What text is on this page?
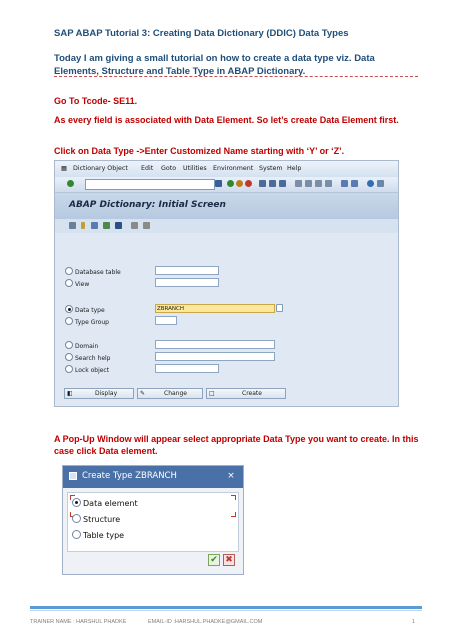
SAP ABAP Tutorial 3: Creating Data Dictionary (DDIC) Data Types
Today I am giving a small tutorial on how to create a data type viz. Data Elements, Structure and Table Type in ABAP Dictionary.
Go To Tcode- SE11.
As every field is associated with Data Element. So let’s create Data Element first.
Click on Data Type ->Enter Customized Name starting with ‘Y’ or ‘Z’.
▦ Dictionary Object Edit Goto Utilities Environment System Help
ABAP Dictionary: Initial Screen
Database table
View
Data type	ZBRANCH
Type Group
Domain
Search help
Lock object
◧	Display	✎	Change	□	Create
A Pop-Up Window will appear select appropriate Data Type you want to create. In this case click Data element.
Create Type ZBRANCH	×
Data element
Structure
Table type
✔ ✖
TRAINER NAME : HARSHUL PHADKE	EMAIL-ID :HARSHUL.PHADKE@GMAIL.COM	1
